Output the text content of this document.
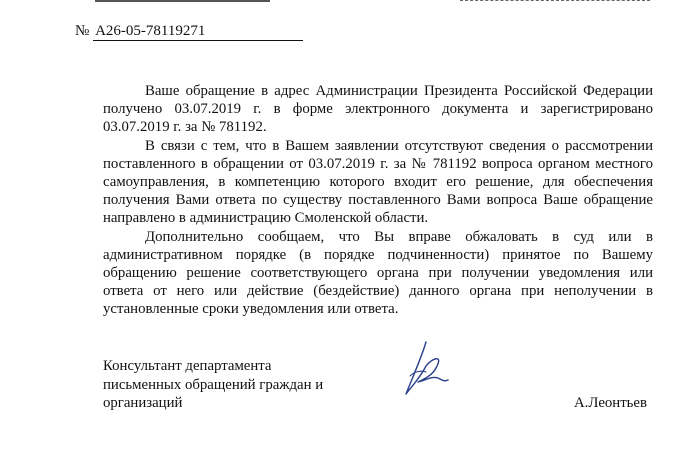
№ А26-05-78119271

Ваше обращение в адрес Администрации Президента Российской Федерации получено 03.07.2019 г. в форме электронного документа и зарегистрировано 03.07.2019 г. за № 781192.

В связи с тем, что в Вашем заявлении отсутствуют сведения о рассмотрении поставленного в обращении от 03.07.2019 г. за № 781192 вопроса органом местного самоуправления, в компетенцию которого входит его решение, для обеспечения получения Вами ответа по существу поставленного Вами вопроса Ваше обращение направлено в администрацию Смоленской области.

Дополнительно сообщаем, что Вы вправе обжаловать в суд или в административном порядке (в порядке подчиненности) принятое по Вашему обращению решение соответствующего органа при получении уведомления или ответа от него или действие (бездействие) данного органа при неполучении в установленные сроки уведомления или ответа.

Консультант департамента
письменных обращений граждан и
организаций	А.Леонтьев
